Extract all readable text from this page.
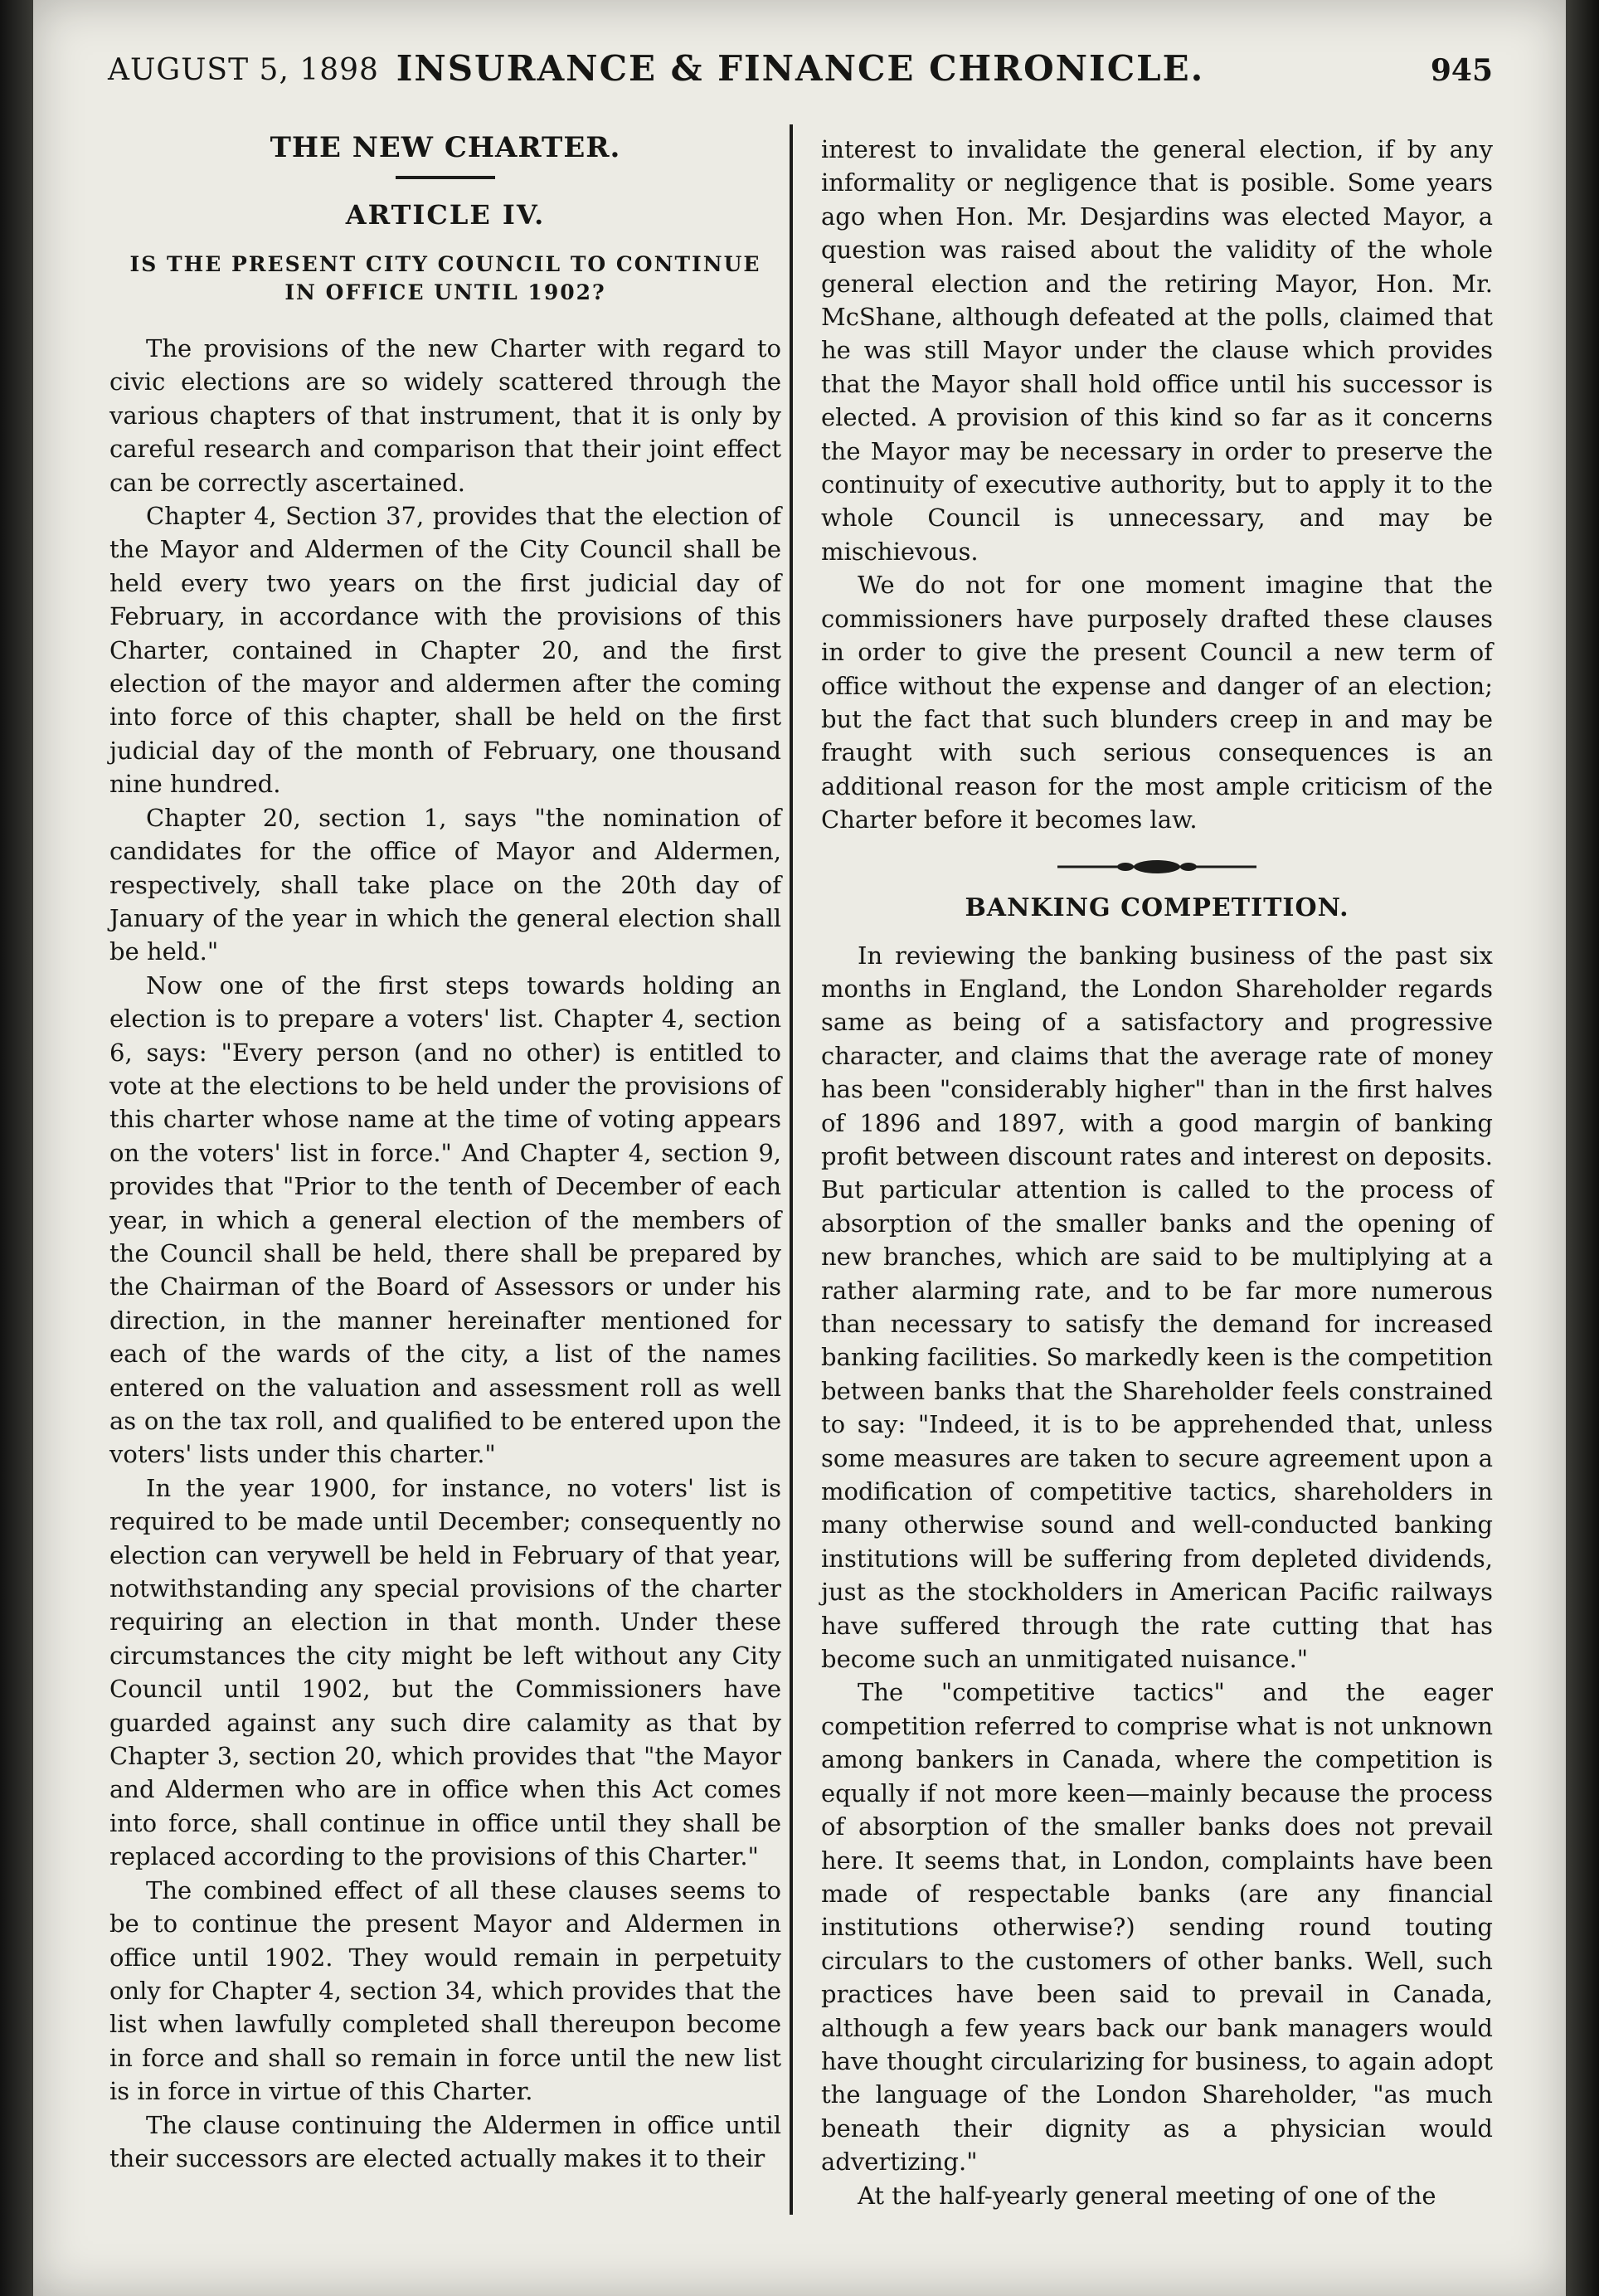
AUGUST 5, 1898 INSURANCE & FINANCE CHRONICLE.	945
THE NEW CHARTER.
ARTICLE IV.
IS THE PRESENT CITY COUNCIL TO CONTINUE IN OFFICE UNTIL 1902?

The provisions of the new Charter with regard to civic elections are so widely scattered through the various chapters of that instrument, that it is only by careful research and comparison that their joint effect can be correctly ascertained.

Chapter 4, Section 37, provides that the election of the Mayor and Aldermen of the City Council shall be held every two years on the first judicial day of February, in accordance with the provisions of this Charter, contained in Chapter 20, and the first election of the mayor and aldermen after the coming into force of this chapter, shall be held on the first judicial day of the month of February, one thousand nine hundred.

Chapter 20, section 1, says "the nomination of candidates for the office of Mayor and Aldermen, respectively, shall take place on the 20th day of January of the year in which the general election shall be held."

Now one of the first steps towards holding an election is to prepare a voters' list. Chapter 4, section 6, says: "Every person (and no other) is entitled to vote at the elections to be held under the provisions of this charter whose name at the time of voting appears on the voters' list in force." And Chapter 4, section 9, provides that "Prior to the tenth of December of each year, in which a general election of the members of the Council shall be held, there shall be prepared by the Chairman of the Board of Assessors or under his direction, in the manner hereinafter mentioned for each of the wards of the city, a list of the names entered on the valuation and assessment roll as well as on the tax roll, and qualified to be entered upon the voters' lists under this charter."

In the year 1900, for instance, no voters' list is required to be made until December; consequently no election can verywell be held in February of that year, notwithstanding any special provisions of the charter requiring an election in that month. Under these circumstances the city might be left without any City Council until 1902, but the Commissioners have guarded against any such dire calamity as that by Chapter 3, section 20, which provides that "the Mayor and Aldermen who are in office when this Act comes into force, shall continue in office until they shall be replaced according to the provisions of this Charter."

The combined effect of all these clauses seems to be to continue the present Mayor and Aldermen in office until 1902. They would remain in perpetuity only for Chapter 4, section 34, which provides that the list when lawfully completed shall thereupon become in force and shall so remain in force until the new list is in force in virtue of this Charter.

The clause continuing the Aldermen in office until their successors are elected actually makes it to their

interest to invalidate the general election, if by any informality or negligence that is posible. Some years ago when Hon. Mr. Desjardins was elected Mayor, a question was raised about the validity of the whole general election and the retiring Mayor, Hon. Mr. McShane, although defeated at the polls, claimed that he was still Mayor under the clause which provides that the Mayor shall hold office until his successor is elected. A provision of this kind so far as it concerns the Mayor may be necessary in order to preserve the continuity of executive authority, but to apply it to the whole Council is unnecessary, and may be mischievous.

We do not for one moment imagine that the commissioners have purposely drafted these clauses in order to give the present Council a new term of office without the expense and danger of an election; but the fact that such blunders creep in and may be fraught with such serious consequences is an additional reason for the most ample criticism of the Charter before it becomes law.

BANKING COMPETITION.

In reviewing the banking business of the past six months in England, the London Shareholder regards same as being of a satisfactory and progressive character, and claims that the average rate of money has been "considerably higher" than in the first halves of 1896 and 1897, with a good margin of banking profit between discount rates and interest on deposits. But particular attention is called to the process of absorption of the smaller banks and the opening of new branches, which are said to be multiplying at a rather alarming rate, and to be far more numerous than necessary to satisfy the demand for increased banking facilities. So markedly keen is the competition between banks that the Shareholder feels constrained to say: "Indeed, it is to be apprehended that, unless some measures are taken to secure agreement upon a modification of competitive tactics, shareholders in many otherwise sound and well-conducted banking institutions will be suffering from depleted dividends, just as the stockholders in American Pacific railways have suffered through the rate cutting that has become such an unmitigated nuisance."

The "competitive tactics" and the eager competition referred to comprise what is not unknown among bankers in Canada, where the competition is equally if not more keen—mainly because the process of absorption of the smaller banks does not prevail here. It seems that, in London, complaints have been made of respectable banks (are any financial institutions otherwise?) sending round touting circulars to the customers of other banks. Well, such practices have been said to prevail in Canada, although a few years back our bank managers would have thought circularizing for business, to again adopt the language of the London Shareholder, "as much beneath their dignity as a physician would advertizing."

At the half-yearly general meeting of one of the
